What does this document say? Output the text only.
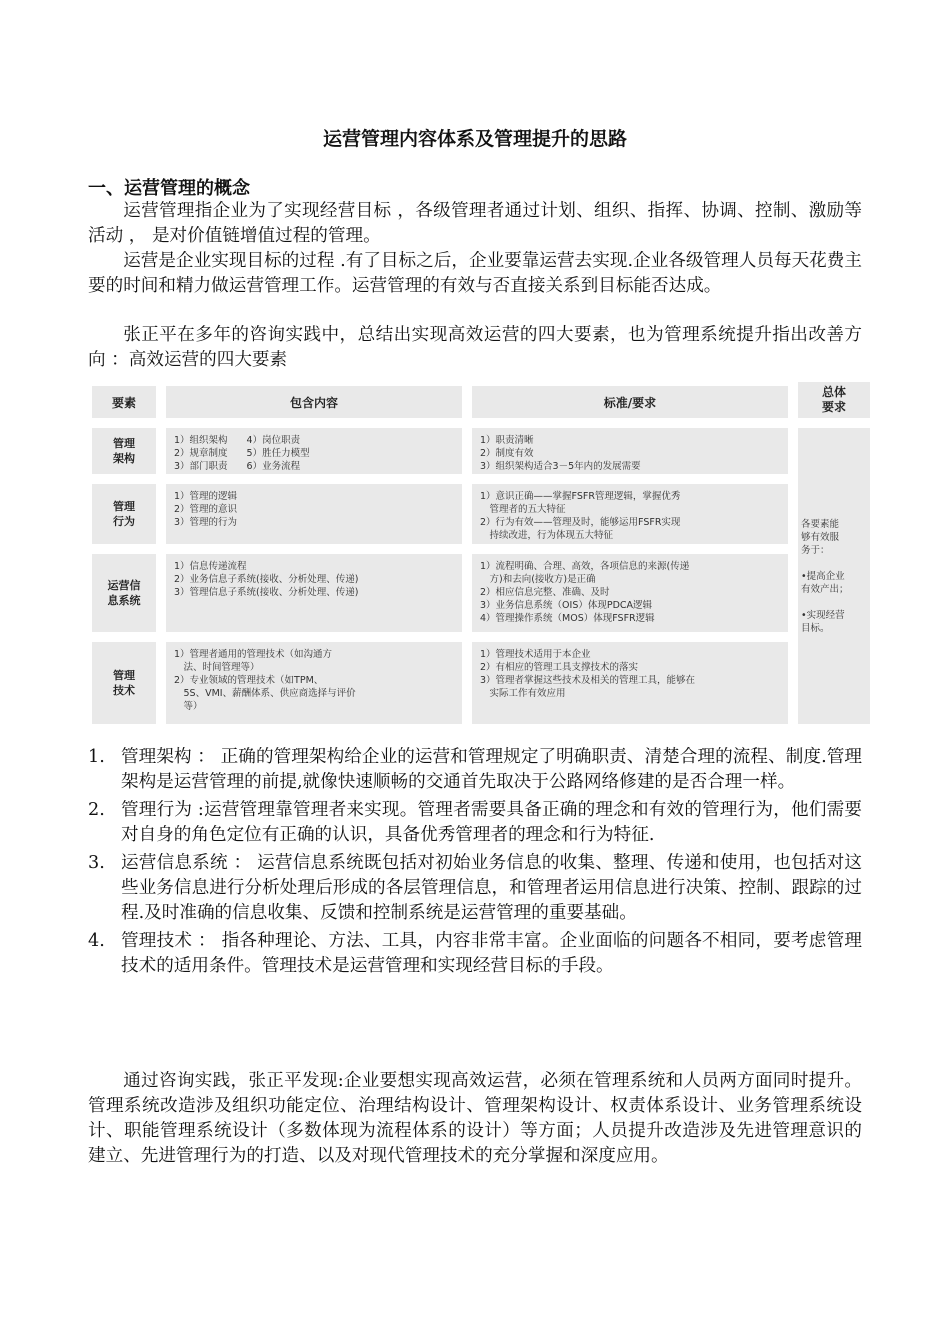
运营管理内容体系及管理提升的思路
一、运营管理的概念

运营管理指企业为了实现经营目标 ，各级管理者通过计划、组织、指挥、协调、控制、激励等活动 ， 是对价值链增值过程的管理。

运营是企业实现目标的过程 .有了目标之后，企业要靠运营去实现.企业各级管理人员每天花费主要的时间和精力做运营管理工作。运营管理的有效与否直接关系到目标能否达成。

张正平在多年的咨询实践中，总结出实现高效运营的四大要素，也为管理系统提升指出改善方向 ：高效运营的四大要素

要素	包含内容	标准/要求
总体
要求
管理
架构
1）组织架构　　4）岗位职责
2）规章制度　　5）胜任力模型
3）部门职责　　6）业务流程
1）职责清晰
2）制度有效
3）组织架构适合3－5年内的发展需要
管理
行为
1）管理的逻辑
2）管理的意识
3）管理的行为
1）意识正确——掌握FSFR管理逻辑，掌握优秀
　管理者的五大特征
2）行为有效——管理及时，能够运用FSFR实现
　持续改进，行为体现五大特征
运营信
息系统
1）信息传递流程
2）业务信息子系统(接收、分析处理、传递)
3）管理信息子系统(接收、分析处理、传递)
1）流程明确、合理、高效，各项信息的来源(传递
　方)和去向(接收方)是正确
2）相应信息完整、准确、及时
3）业务信息系统（OIS）体现PDCA逻辑
4）管理操作系统（MOS）体现FSFR逻辑
管理
技术
1）管理者通用的管理技术（如沟通方
　法、时间管理等）
2）专业领域的管理技术（如TPM、
　5S、VMI、薪酬体系、供应商选择与评价
　等）
1）管理技术适用于本企业
2）有相应的管理工具支撑技术的落实
3）管理者掌握这些技术及相关的管理工具，能够在
　实际工作有效应用
各要素能
够有效服
务于：

•提高企业
有效产出；

•实现经营
目标。
1. 管理架构 ： 正确的管理架构给企业的运营和管理规定了明确职责、清楚合理的流程、制度.管理架构是运营管理的前提,就像快速顺畅的交通首先取决于公路网络修建的是否合理一样。
2. 管理行为 :运营管理靠管理者来实现。管理者需要具备正确的理念和有效的管理行为，他们需要对自身的角色定位有正确的认识，具备优秀管理者的理念和行为特征.
3. 运营信息系统 ： 运营信息系统既包括对初始业务信息的收集、整理、传递和使用，也包括对这些业务信息进行分析处理后形成的各层管理信息，和管理者运用信息进行决策、控制、跟踪的过程.及时准确的信息收集、反馈和控制系统是运营管理的重要基础。
4. 管理技术 ： 指各种理论、方法、工具，内容非常丰富。企业面临的问题各不相同，要考虑管理技术的适用条件。管理技术是运营管理和实现经营目标的手段。

通过咨询实践，张正平发现:企业要想实现高效运营，必须在管理系统和人员两方面同时提升。管理系统改造涉及组织功能定位、治理结构设计、管理架构设计、权责体系设计、业务管理系统设计、职能管理系统设计（多数体现为流程体系的设计）等方面；人员提升改造涉及先进管理意识的建立、先进管理行为的打造、以及对现代管理技术的充分掌握和深度应用。
